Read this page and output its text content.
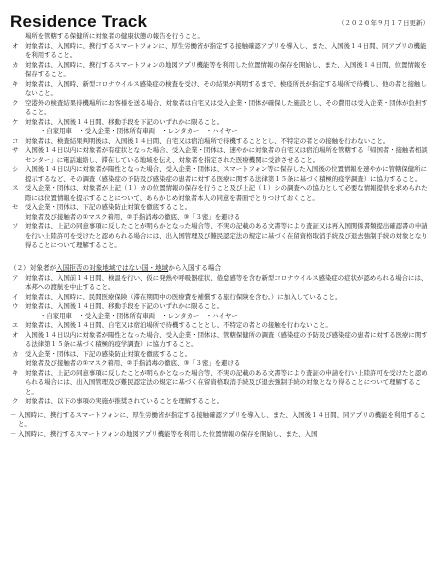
Residence Track	（２０２０年９月１７日更新）
場所を管轄する保健所に対象者の健康状態の報告を行うこと。
オ	対象者は、入国時に、携行するスマートフォンに、厚生労働省が指定する接触確認アプリを導入し、また、入国後１４日間、同アプリの機能を利用すること。
カ	対象者は、入国時に、携行するスマートフォンの地図アプリ機能等を利用した位置情報の保存を開始し、また、入国後１４日間、位置情報を保存すること。
キ	対象者は、入国時、新型コロナウイルス感染症の検査を受け、その結果が判明するまで、検疫所長が指定する場所で待機し、他の者と接触しないこと。
ク	空港外の検査結果待機場所にお客様を送る場合、対象者は自宅又は受入企業・団体が確保した施設とし、その費用は受入企業・団体が負担すること。
ケ	対象者は、入国後１４日間、移動手段を下記のいずれかに限ること。
・自家用車　・受入企業・団体所有車両　・レンタカー　・ハイヤー
コ	対象者は、検査結果判明後は、入国後１４日間、自宅又は宿泊場所で待機することとし、不特定の者との接触を行わないこと。
サ	入国後１４日以内に対象者が有症状となった場合、受入企業・団体は、速やかに対象者の自宅又は宿泊場所を管轄する「帰国者・接触者相談センター」に電話連絡し、滞在している地域を伝え、対象者を指定された医療機関に受診させること。
シ	入国後１４日以内に対象者が陽性となった場合、受入企業・団体は、スマートフォン等に保存した入国後の位置情報を速やかに管轄保健所に提示するなど、その調査（感染症の予防及び感染症の患者に対する医療に関する法律第１５条に基づく積極的疫学調査）に協力すること。
ス	受入企業・団体は、対象者が上記（１）カの位置情報の保存を行うこと及び上記（１）シの調査への協力として必要な情報提供を求められた際には位置情報を提示することについて、あらかじめ対象者本人の同意を書面でとりつけておくこと。
セ	受入企業・団体は、下記の感染防止対策を徹底すること。
対象者及び接触者の①マスク着用、②手指消毒の徹底、③「３密」を避ける
ソ	対象者は、上記の同意事項に反したことが明らかとなった場合等、不実の記載のある文書等により査証又は再入国関係書類提出確認書の申請を行い上陸許可を受けたと認められる場合には、出入国管理及び難民認定法の規定に基づく在留資格取消手続及び退去強制手続の対象となり得ることについて理解すること。
（２）対象者が入国拒否の対象地域ではない国・地域から入国する場合
ア	対象者は、入国前１４日間、検温を行い、仮に発熱や呼吸器症状、倦怠感等を含む新型コロナウイルス感染症の症状が認められる場合には、本邦への渡航を中止すること。
イ	対象者は、入国時に、民間医療保険（滞在期間中の医療費を補償する旅行保険を含む。）に加入していること。
ウ	対象者は、入国後１４日間、移動手段を下記のいずれかに限ること。
・自家用車　・受入企業・団体所有車両　・レンタカー　・ハイヤー
エ	対象者は、入国後１４日間、自宅又は宿泊場所で待機することとし、不特定の者との接触を行わないこと。
オ	入国後１４日以内に対象者が陽性となった場合、受入企業・団体は、管轄保健所の調査（感染症の予防及び感染症の患者に対する医療に関する法律第１５条に基づく積極的疫学調査）に協力すること。
カ	受入企業・団体は、下記の感染防止対策を徹底すること。
対象者及び接触者の①マスク着用、②手指消毒の徹底、③「３密」を避ける
キ	対象者は、上記の同意事項に反したことが明らかとなった場合等、不実の記載のある文書等により査証の申請を行い上陸許可を受けたと認められる場合には、出入国管理及び難民認定法の規定に基づく在留資格取消手続及び退去強制手続の対象となり得ることについて理解すること。
ク	対象者は、以下の事項の実施が推奨されていることを理解すること。
－ 入国時に、携行するスマートフォンに、厚生労働省が指定する接触確認アプリを導入し、また、入国後１４日間、同アプリの機能を利用すること。
－ 入国時に、携行するスマートフォンの地図アプリ機能等を利用した位置情報の保存を開始し、また、入国
